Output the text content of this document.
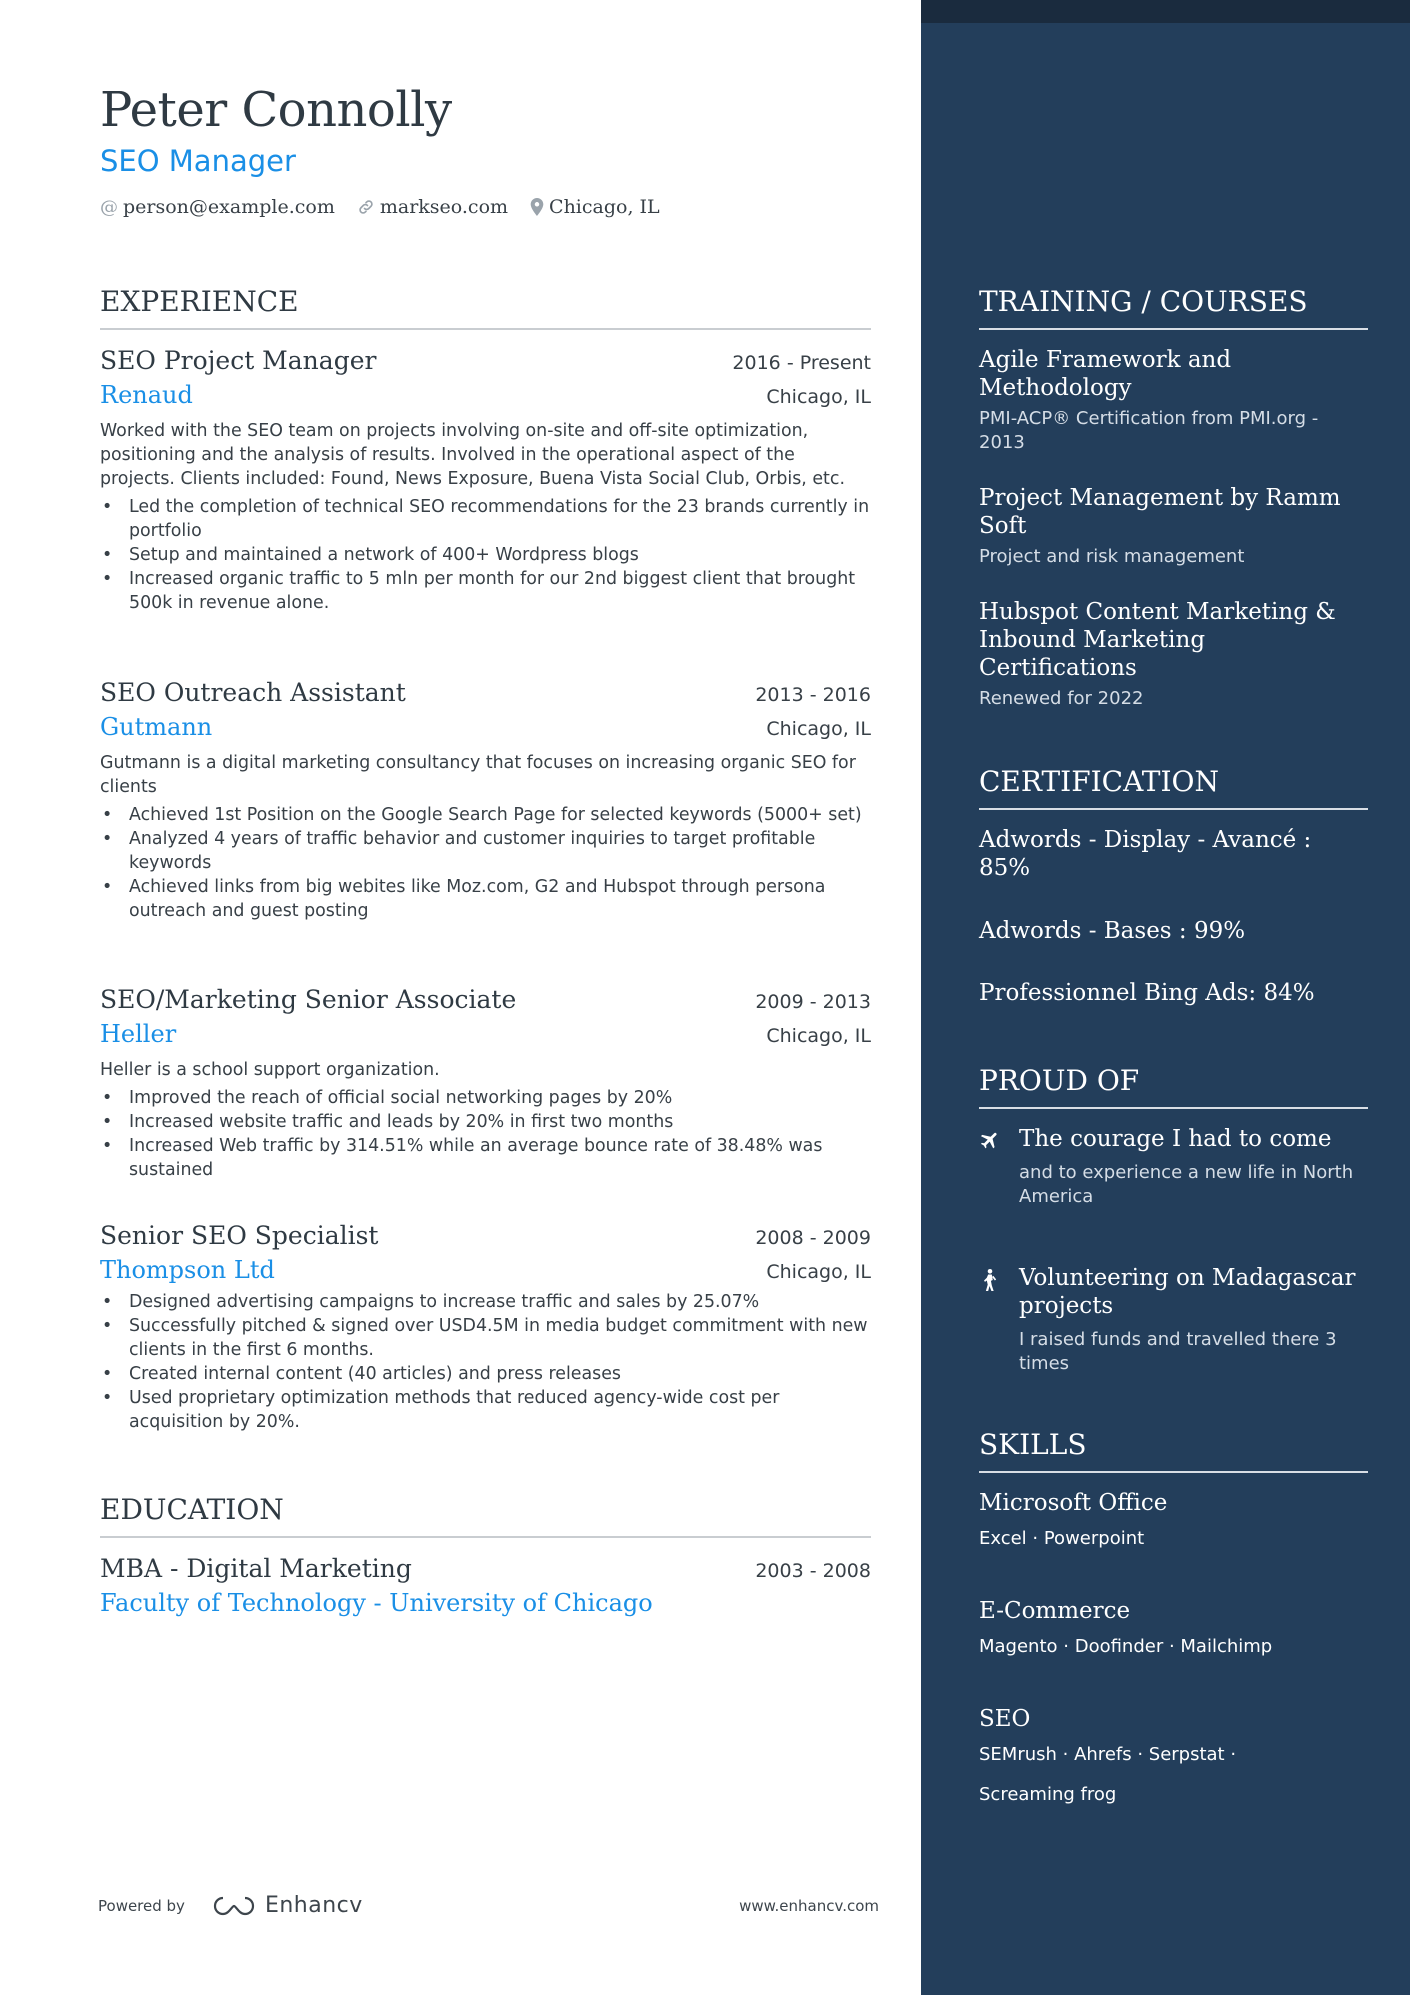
Peter Connolly
SEO Manager
@ person@example.com markseo.com Chicago, IL
EXPERIENCE
SEO Project Manager	2016 - Present
Renaud	Chicago, IL
Worked with the SEO team on projects involving on-site and off-site optimization, positioning and the analysis of results. Involved in the operational aspect of the projects. Clients included: Found, News Exposure, Buena Vista Social Club, Orbis, etc.
• Led the completion of technical SEO recommendations for the 23 brands currently in portfolio
• Setup and maintained a network of 400+ Wordpress blogs
• Increased organic traffic to 5 mln per month for our 2nd biggest client that brought 500k in revenue alone.
SEO Outreach Assistant	2013 - 2016
Gutmann	Chicago, IL
Gutmann is a digital marketing consultancy that focuses on increasing organic SEO for clients
• Achieved 1st Position on the Google Search Page for selected keywords (5000+ set)
• Analyzed 4 years of traffic behavior and customer inquiries to target profitable keywords
• Achieved links from big webites like Moz.com, G2 and Hubspot through persona outreach and guest posting
SEO/Marketing Senior Associate	2009 - 2013
Heller	Chicago, IL
Heller is a school support organization.
• Improved the reach of official social networking pages by 20%
• Increased website traffic and leads by 20% in first two months
• Increased Web traffic by 314.51% while an average bounce rate of 38.48% was sustained
Senior SEO Specialist	2008 - 2009
Thompson Ltd	Chicago, IL
• Designed advertising campaigns to increase traffic and sales by 25.07%
• Successfully pitched & signed over USD4.5M in media budget commitment with new clients in the first 6 months.
• Created internal content (40 articles) and press releases
• Used proprietary optimization methods that reduced agency-wide cost per acquisition by 20%.
EDUCATION
MBA - Digital Marketing	2003 - 2008
Faculty of Technology - University of Chicago
Powered by	Enhancv	www.enhancv.com
TRAINING / COURSES
Agile Framework and Methodology
PMI-ACP® Certification from PMI.org - 2013
Project Management by Ramm Soft
Project and risk management
Hubspot Content Marketing & Inbound Marketing Certifications
Renewed for 2022
CERTIFICATION
Adwords - Display - Avancé : 85%
Adwords - Bases : 99%
Professionnel Bing Ads: 84%
PROUD OF
The courage I had to come
and to experience a new life in North America
Volunteering on Madagascar projects
I raised funds and travelled there 3 times
SKILLS
Microsoft Office
Excel · Powerpoint
E-Commerce
Magento · Doofinder · Mailchimp
SEO
SEMrush · Ahrefs · Serpstat · Screaming frog
